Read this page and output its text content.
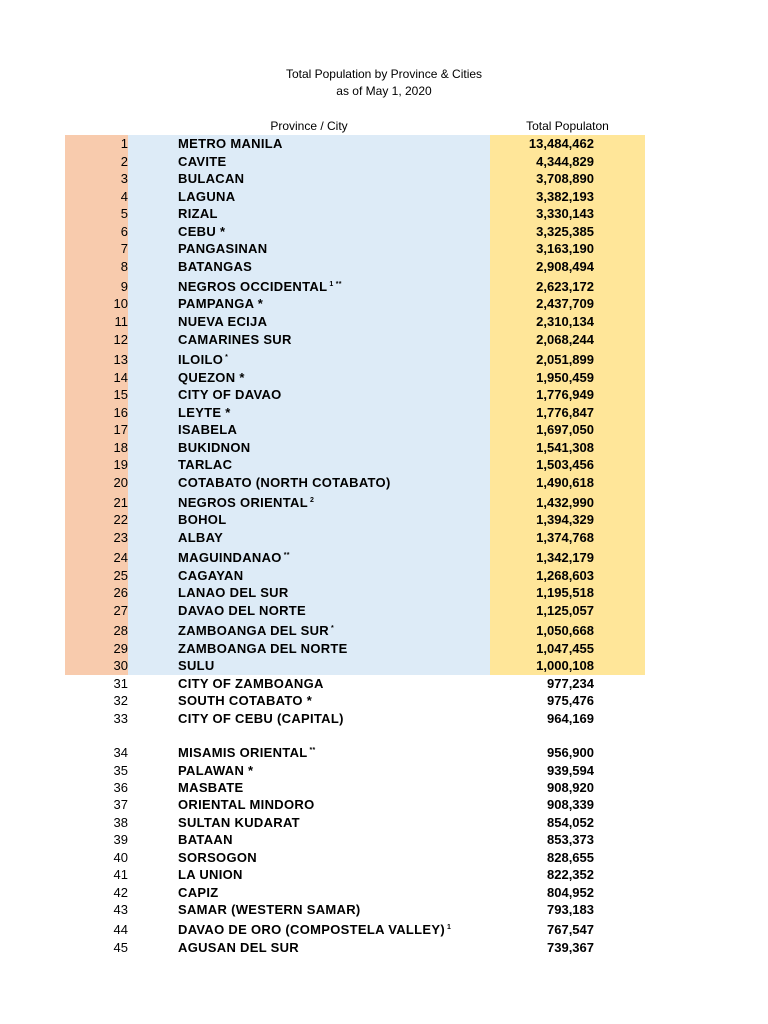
Total Population by Province & Cities
as of May 1, 2020
Province / City	Total Populaton
1	METRO MANILA	13,484,462
2	CAVITE	4,344,829
3	BULACAN	3,708,890
4	LAGUNA	3,382,193
5	RIZAL	3,330,143
6	CEBU *	3,325,385
7	PANGASINAN	3,163,190
8	BATANGAS	2,908,494
9	NEGROS OCCIDENTAL $^{1 **}$	2,623,172
10	PAMPANGA *	2,437,709
11	NUEVA ECIJA	2,310,134
12	CAMARINES SUR	2,068,244
13	ILOILO *	2,051,899
14	QUEZON *	1,950,459
15	CITY OF DAVAO	1,776,949
16	LEYTE *	1,776,847
17	ISABELA	1,697,050
18	BUKIDNON	1,541,308
19	TARLAC	1,503,456
20	COTABATO (NORTH COTABATO)	1,490,618
21	NEGROS ORIENTAL $^2$	1,432,990
22	BOHOL	1,394,329
23	ALBAY	1,374,768
24	MAGUINDANAO **	1,342,179
25	CAGAYAN	1,268,603
26	LANAO DEL SUR	1,195,518
27	DAVAO DEL NORTE	1,125,057
28	ZAMBOANGA DEL SUR *	1,050,668
29	ZAMBOANGA DEL NORTE	1,047,455
30	SULU	1,000,108
31	CITY OF ZAMBOANGA	977,234
32	SOUTH COTABATO *	975,476
33	CITY OF CEBU (CAPITAL)	964,169
34	MISAMIS ORIENTAL **	956,900
35	PALAWAN *	939,594
36	MASBATE	908,920
37	ORIENTAL MINDORO	908,339
38	SULTAN KUDARAT	854,052
39	BATAAN	853,373
40	SORSOGON	828,655
41	LA UNION	822,352
42	CAPIZ	804,952
43	SAMAR (WESTERN SAMAR)	793,183
44	DAVAO DE ORO (COMPOSTELA VALLEY) $^1$	767,547
45	AGUSAN DEL SUR	739,367
